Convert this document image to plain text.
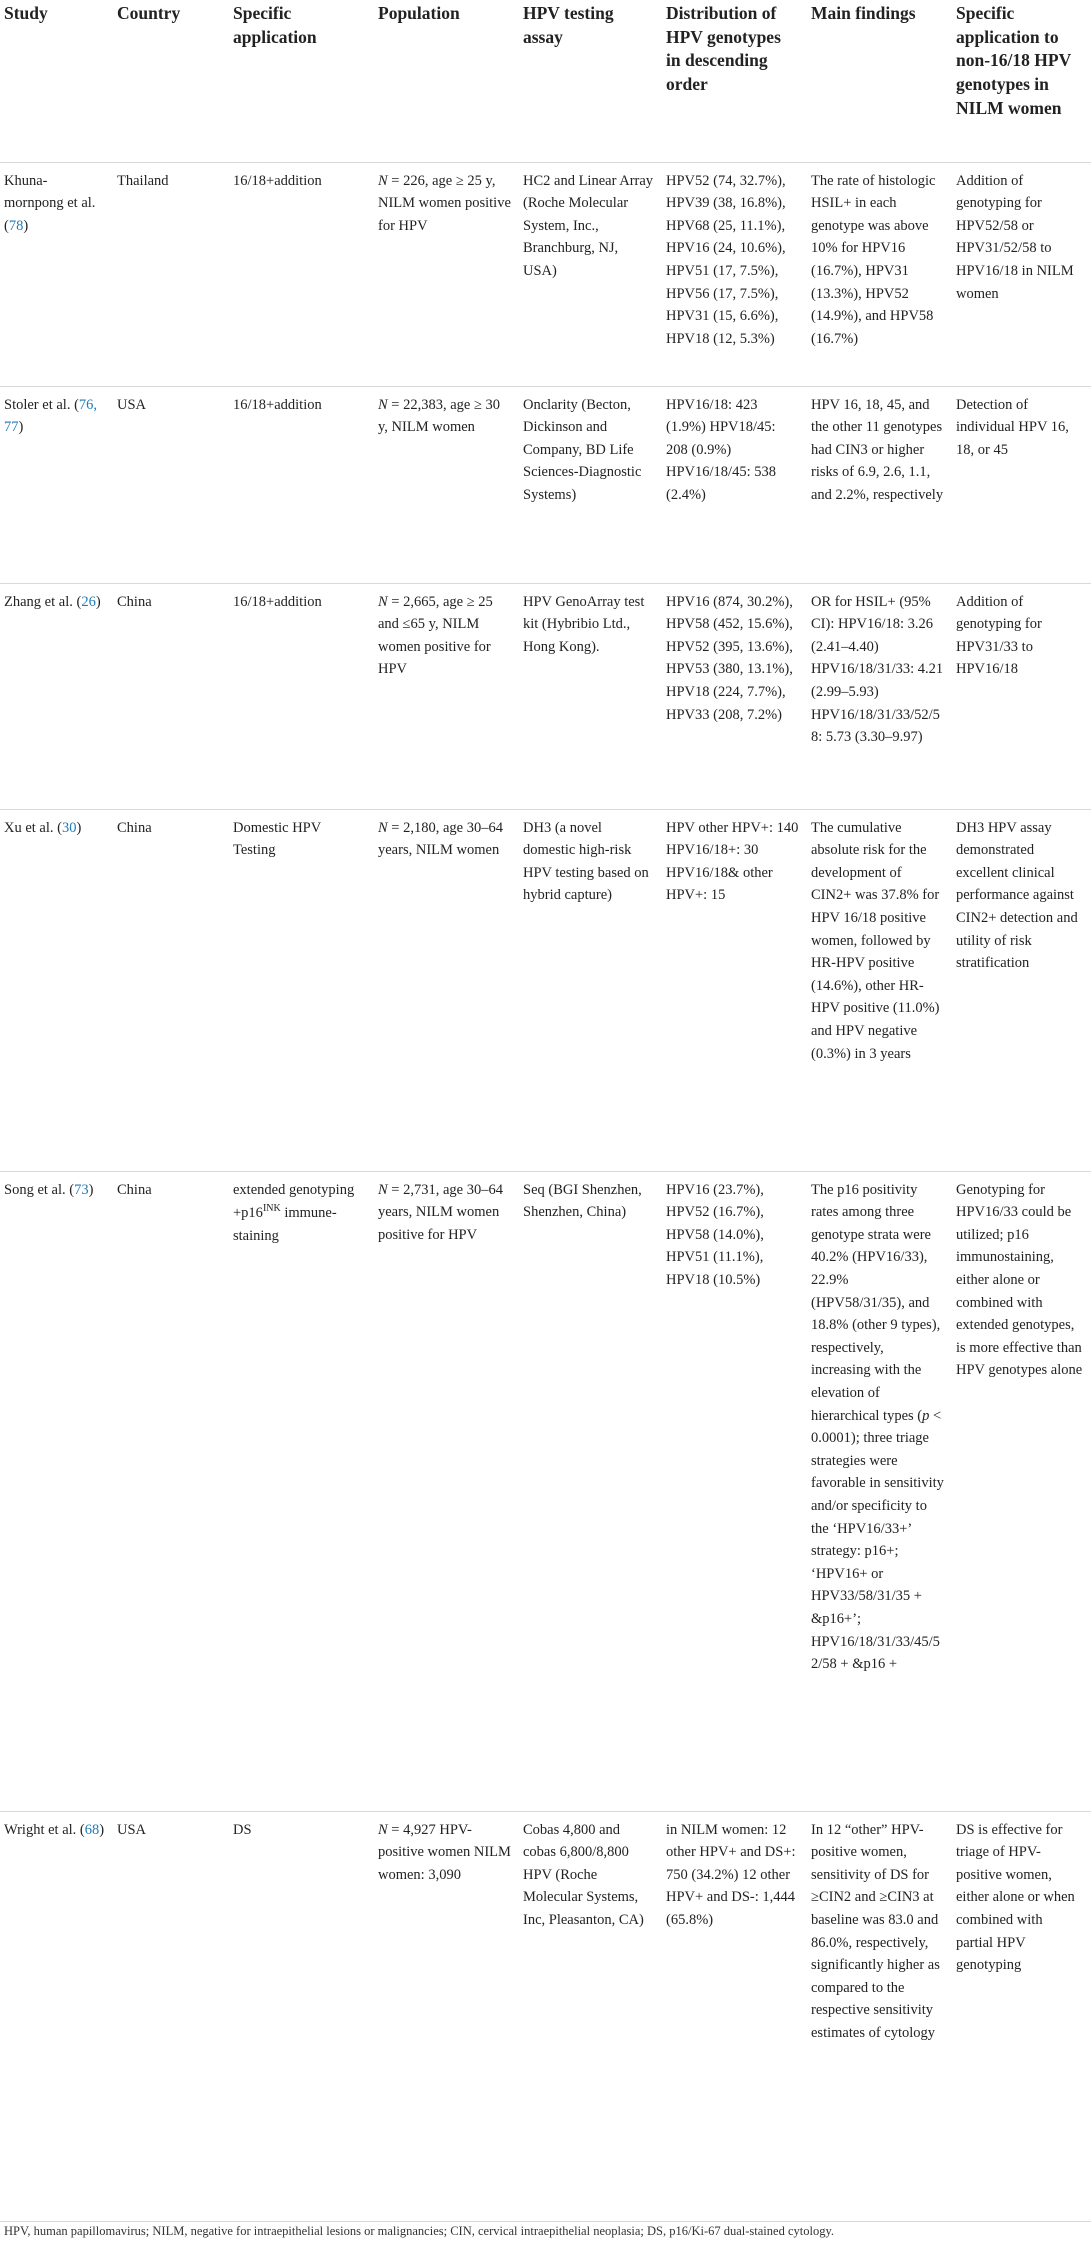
Study	Country	Specific application	Population	HPV testing assay	Distribution of HPV genotypes in descending order	Main findings	Specific application to non-16/18 HPV genotypes in NILM women
Khuna-mornpong et al. (78)	Thailand	16/18+addition	N = 226, age ≥ 25 y, NILM women positive for HPV	HC2 and Linear Array (Roche Molecular System, Inc., Branchburg, NJ, USA)	HPV52 (74, 32.7%), HPV39 (38, 16.8%), HPV68 (25, 11.1%), HPV16 (24, 10.6%), HPV51 (17, 7.5%), HPV56 (17, 7.5%), HPV31 (15, 6.6%), HPV18 (12, 5.3%)	The rate of histologic HSIL+ in each genotype was above 10% for HPV16 (16.7%), HPV31 (13.3%), HPV52 (14.9%), and HPV58 (16.7%)	Addition of genotyping for HPV52/58 or HPV31/52/58 to HPV16/18 in NILM women
Stoler et al. (76, 77)	USA	16/18+addition	N = 22,383, age ≥ 30 y, NILM women	Onclarity (Becton, Dickinson and Company, BD Life Sciences-Diagnostic Systems)	HPV16/18: 423 (1.9%) HPV18/45: 208 (0.9%) HPV16/18/45: 538 (2.4%)	HPV 16, 18, 45, and the other 11 genotypes had CIN3 or higher risks of 6.9, 2.6, 1.1, and 2.2%, respectively	Detection of individual HPV 16, 18, or 45
Zhang et al. (26)	China	16/18+addition	N = 2,665, age ≥ 25 and ≤65 y, NILM women positive for HPV	HPV GenoArray test kit (Hybribio Ltd., Hong Kong).	HPV16 (874, 30.2%), HPV58 (452, 15.6%), HPV52 (395, 13.6%), HPV53 (380, 13.1%), HPV18 (224, 7.7%), HPV33 (208, 7.2%)	OR for HSIL+ (95% CI): HPV16/18: 3.26 (2.41–4.40) HPV16/18/31/33: 4.21 (2.99–5.93) HPV16/18/31/33/52/58: 5.73 (3.30–9.97)	Addition of genotyping for HPV31/33 to HPV16/18
Xu et al. (30)	China	Domestic HPV Testing	N = 2,180, age 30–64 years, NILM women	DH3 (a novel domestic high-risk HPV testing based on hybrid capture)	HPV other HPV+: 140 HPV16/18+: 30 HPV16/18& other HPV+: 15	The cumulative absolute risk for the development of CIN2+ was 37.8% for HPV 16/18 positive women, followed by HR-HPV positive (14.6%), other HR-HPV positive (11.0%) and HPV negative (0.3%) in 3 years	DH3 HPV assay demonstrated excellent clinical performance against CIN2+ detection and utility of risk stratification
Song et al. (73)	China	extended genotyping $+p16^{INK}$ immune-staining	N = 2,731, age 30–64 years, NILM women positive for HPV	Seq (BGI Shenzhen, Shenzhen, China)	HPV16 (23.7%), HPV52 (16.7%), HPV58 (14.0%), HPV51 (11.1%), HPV18 (10.5%)	The p16 positivity rates among three genotype strata were 40.2% (HPV16/33), 22.9% (HPV58/31/35), and 18.8% (other 9 types), respectively, increasing with the elevation of hierarchical types (p < 0.0001); three triage strategies were favorable in sensitivity and/or specificity to the ‘HPV16/33+’ strategy: p16+; ‘HPV16+ or HPV33/58/31/35 + &p16+’; HPV16/18/31/33/45/52/58 + &p16 +	Genotyping for HPV16/33 could be utilized; p16 immunostaining, either alone or combined with extended genotypes, is more effective than HPV genotypes alone
Wright et al. (68)	USA	DS	N = 4,927 HPV-positive women NILM women: 3,090	Cobas 4,800 and cobas 6,800/8,800 HPV (Roche Molecular Systems, Inc, Pleasanton, CA)	in NILM women: 12 other HPV+ and DS+: 750 (34.2%) 12 other HPV+ and DS-: 1,444 (65.8%)	In 12 “other” HPV-positive women, sensitivity of DS for ≥CIN2 and ≥CIN3 at baseline was 83.0 and 86.0%, respectively, significantly higher as compared to the respective sensitivity estimates of cytology	DS is effective for triage of HPV-positive women, either alone or when combined with partial HPV genotyping
HPV, human papillomavirus; NILM, negative for intraepithelial lesions or malignancies; CIN, cervical intraepithelial neoplasia; DS, p16/Ki-67 dual-stained cytology.
